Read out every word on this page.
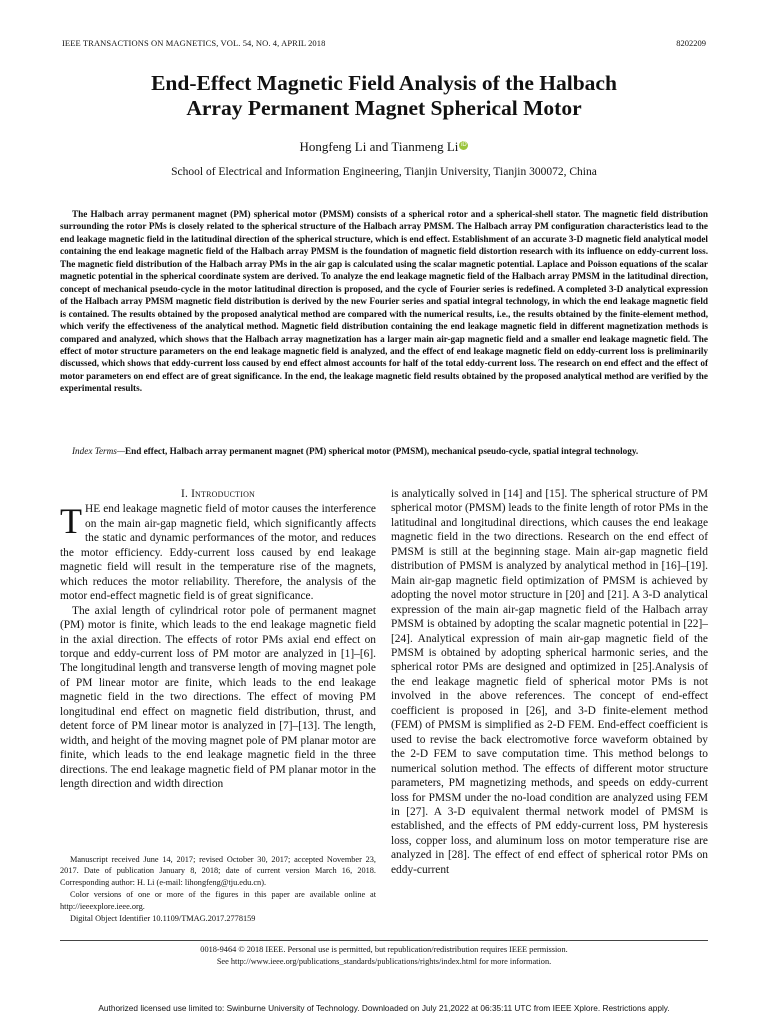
IEEE TRANSACTIONS ON MAGNETICS, VOL. 54, NO. 4, APRIL 2018	8202209
End-Effect Magnetic Field Analysis of the Halbach
Array Permanent Magnet Spherical Motor
Hongfeng Li and Tianmeng Li iD
School of Electrical and Information Engineering, Tianjin University, Tianjin 300072, China
The Halbach array permanent magnet (PM) spherical motor (PMSM) consists of a spherical rotor and a spherical-shell stator. The magnetic field distribution surrounding the rotor PMs is closely related to the spherical structure of the Halbach array PMSM. The Halbach array PM configuration characteristics lead to the end leakage magnetic field in the latitudinal direction of the spherical structure, which is end effect. Establishment of an accurate 3-D magnetic field analytical model containing the end leakage magnetic field of the Halbach array PMSM is the foundation of magnetic field distortion research with its influence on eddy-current loss. The magnetic field distribution of the Halbach array PMs in the air gap is calculated using the scalar magnetic potential. Laplace and Poisson equations of the scalar magnetic potential in the spherical coordinate system are derived. To analyze the end leakage magnetic field of the Halbach array PMSM in the latitudinal direction, concept of mechanical pseudo-cycle in the motor latitudinal direction is proposed, and the cycle of Fourier series is redefined. A completed 3-D analytical expression of the Halbach array PMSM magnetic field distribution is derived by the new Fourier series and spatial integral technology, in which the end leakage magnetic field is contained. The results obtained by the proposed analytical method are compared with the numerical results, i.e., the results obtained by the finite-element method, which verify the effectiveness of the analytical method. Magnetic field distribution containing the end leakage magnetic field in different magnetization methods is compared and analyzed, which shows that the Halbach array magnetization has a larger main air-gap magnetic field and a smaller end leakage magnetic field. The effect of motor structure parameters on the end leakage magnetic field is analyzed, and the effect of end leakage magnetic field on eddy-current loss is preliminarily discussed, which shows that eddy-current loss caused by end effect almost accounts for half of the total eddy-current loss. The research on end effect and the effect of motor parameters on end effect are of great significance. In the end, the leakage magnetic field results obtained by the proposed analytical method are verified by the experimental results.
Index Terms—End effect, Halbach array permanent magnet (PM) spherical motor (PMSM), mechanical pseudo-cycle, spatial integral technology.
I. Introduction

THE end leakage magnetic field of motor causes the interference on the main air-gap magnetic field, which significantly affects the static and dynamic performances of the motor, and reduces the motor efficiency. Eddy-current loss caused by end leakage magnetic field will result in the temperature rise of the magnets, which reduces the motor reliability. Therefore, the analysis of the motor end-effect magnetic field is of great significance.

The axial length of cylindrical rotor pole of permanent magnet (PM) motor is finite, which leads to the end leakage magnetic field in the axial direction. The effects of rotor PMs axial end effect on torque and eddy-current loss of PM motor are analyzed in [1]–[6]. The longitudinal length and transverse length of moving magnet pole of PM linear motor are finite, which leads to the end leakage magnetic field in the two directions. The effect of moving PM longitudinal end effect on magnetic field distribution, thrust, and detent force of PM linear motor is analyzed in [7]–[13]. The length, width, and height of the moving magnet pole of PM planar motor are finite, which leads to the end leakage magnetic field in the three directions. The end leakage magnetic field of PM planar motor in the length direction and width direction

Manuscript received June 14, 2017; revised October 30, 2017; accepted November 23, 2017. Date of publication January 8, 2018; date of current version March 16, 2018. Corresponding author: H. Li (e-mail: lihongfeng@tju.edu.cn).

Color versions of one or more of the figures in this paper are available online at http://ieeexplore.ieee.org.

Digital Object Identifier 10.1109/TMAG.2017.2778159

is analytically solved in [14] and [15]. The spherical structure of PM spherical motor (PMSM) leads to the finite length of rotor PMs in the latitudinal and longitudinal directions, which causes the end leakage magnetic field in the two directions. Research on the end effect of PMSM is still at the beginning stage. Main air-gap magnetic field distribution of PMSM is analyzed by analytical method in [16]–[19]. Main air-gap magnetic field optimization of PMSM is achieved by adopting the novel motor structure in [20] and [21]. A 3-D analytical expression of the main air-gap magnetic field of the Halbach array PMSM is obtained by adopting the scalar magnetic potential in [22]–[24]. Analytical expression of main air-gap magnetic field of the PMSM is obtained by adopting spherical harmonic series, and the spherical rotor PMs are designed and optimized in [25].Analysis of the end leakage magnetic field of spherical motor PMs is not involved in the above references. The concept of end-effect coefficient is proposed in [26], and 3-D finite-element method (FEM) of PMSM is simplified as 2-D FEM. End-effect coefficient is used to revise the back electromotive force waveform obtained by the 2-D FEM to save computation time. This method belongs to numerical solution method. The effects of different motor structure parameters, PM magnetizing methods, and speeds on eddy-current loss for PMSM under the no-load condition are analyzed using FEM in [27]. A 3-D equivalent thermal network model of PMSM is established, and the effects of PM eddy-current loss, PM hysteresis loss, copper loss, and aluminum loss on motor temperature rise are analyzed in [28]. The effect of end effect of spherical rotor PMs on eddy-current

0018-9464 © 2018 IEEE. Personal use is permitted, but republication/redistribution requires IEEE permission.
See http://www.ieee.org/publications_standards/publications/rights/index.html for more information.
Authorized licensed use limited to: Swinburne University of Technology. Downloaded on July 21,2022 at 06:35:11 UTC from IEEE Xplore. Restrictions apply.
